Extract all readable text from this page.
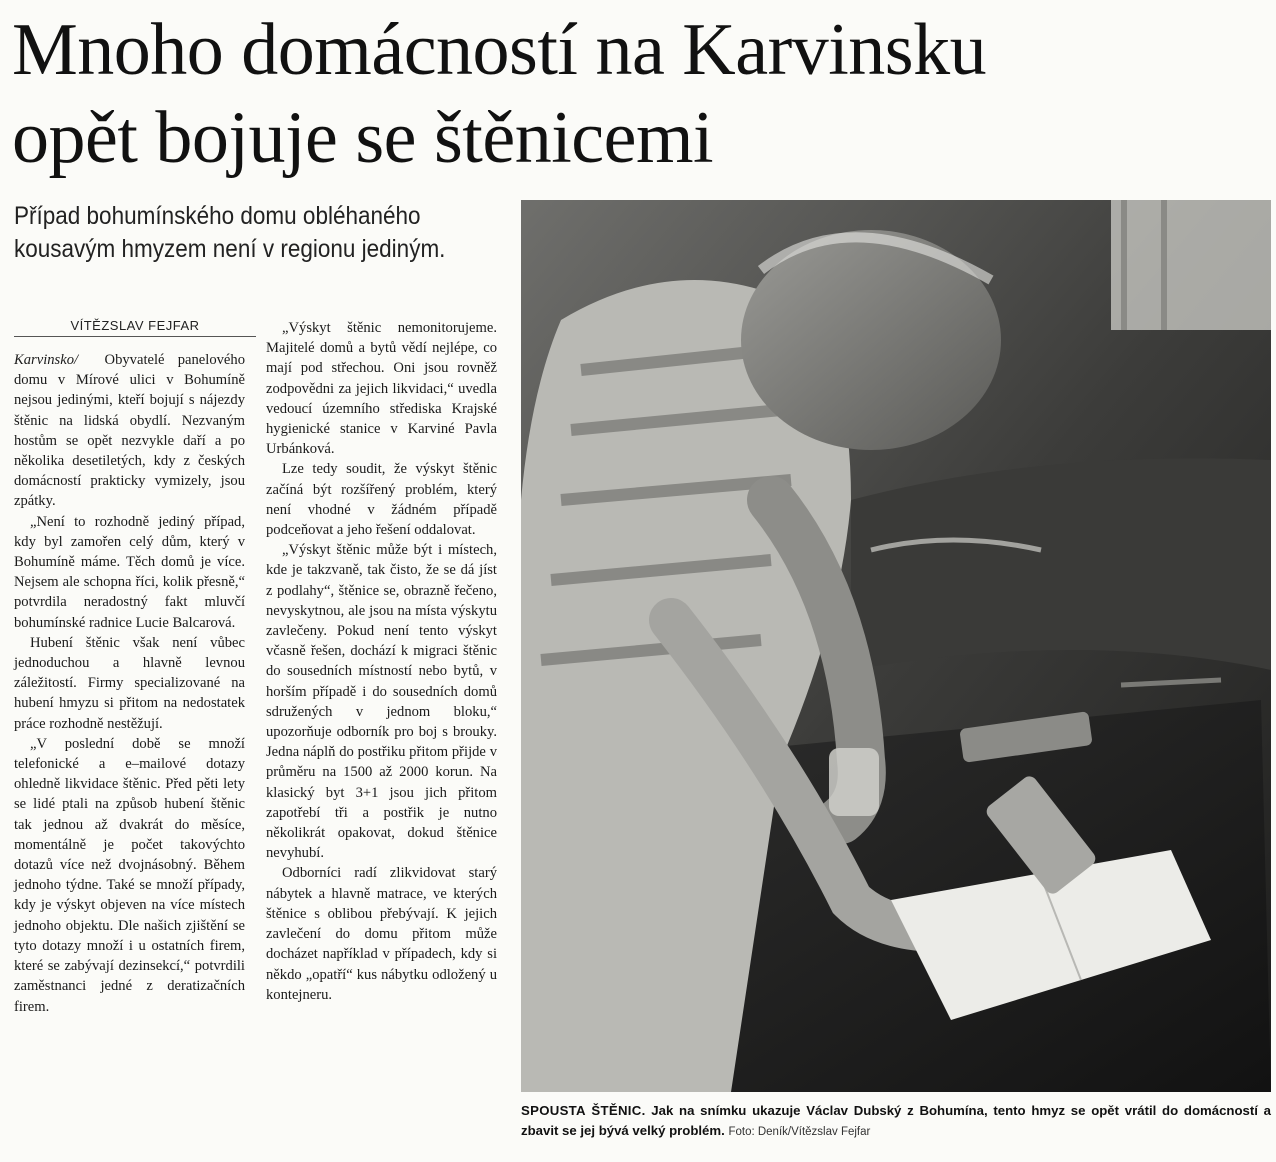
Mnoho domácností na Karvinsku
opět bojuje se štěnicemi

Případ bohumínského domu obléhaného kousavým hmyzem není v regionu jediným.

VÍTĚZSLAV FEJFAR

Karvinsko/ Obyvatelé panelového domu v Mírové ulici v Bohumíně nejsou jedinými, kteří bojují s nájezdy štěnic na lidská obydlí. Nezvaným hostům se opět nezvykle daří a po několika desetiletých, kdy z českých domácností prakticky vymizely, jsou zpátky.

„Není to rozhodně jediný případ, kdy byl zamořen celý dům, který v Bohumíně máme. Těch domů je více. Nejsem ale schopna říci, kolik přesně,“ potvrdila neradostný fakt mluvčí bohumínské radnice Lucie Balcarová.

Hubení štěnic však není vůbec jednoduchou a hlavně levnou záležitostí. Firmy specializované na hubení hmyzu si přitom na nedostatek práce rozhodně nestěžují.

„V poslední době se množí telefonické a e–mailové dotazy ohledně likvidace štěnic. Před pěti lety se lidé ptali na způsob hubení štěnic tak jednou až dvakrát do měsíce, momentálně je počet takovýchto dotazů více než dvojnásobný. Během jednoho týdne. Také se množí případy, kdy je výskyt objeven na více místech jednoho objektu. Dle našich zjištění se tyto dotazy množí i u ostatních firem, které se zabývají dezinsekcí,“ potvrdili zaměstnanci jedné z deratizačních firem.

„Výskyt štěnic nemonitorujeme. Majitelé domů a bytů vědí nejlépe, co mají pod střechou. Oni jsou rovněž zodpovědni za jejich likvidaci,“ uvedla vedoucí územního střediska Krajské hygienické stanice v Karviné Pavla Urbánková.

Lze tedy soudit, že výskyt štěnic začíná být rozšířený problém, který není vhodné v žádném případě podceňovat a jeho řešení oddalovat.

„Výskyt štěnic může být i místech, kde je takzvaně, tak čisto, že se dá jíst z podlahy“, štěnice se, obrazně řečeno, nevyskytnou, ale jsou na místa výskytu zavlečeny. Pokud není tento výskyt včasně řešen, dochází k migraci štěnic do sousedních místností nebo bytů, v horším případě i do sousedních domů sdružených v jednom bloku,“ upozorňuje odborník pro boj s brouky. Jedna náplň do postřiku přitom přijde v průměru na 1500 až 2000 korun. Na klasický byt 3+1 jsou jich přitom zapotřebí tři a postřik je nutno několikrát opakovat, dokud štěnice nevyhubí.

Odborníci radí zlikvidovat starý nábytek a hlavně matrace, ve kterých štěnice s oblibou přebývají. K jejich zavlečení do domu přitom může docházet například v případech, kdy si někdo „opatří“ kus nábytku odložený u kontejneru.

SPOUSTA ŠTĚNIC. Jak na snímku ukazuje Václav Dubský z Bohumína, tento hmyz se opět vrátil do domácností a zbavit se jej bývá velký problém. Foto: Deník/Vítězslav Fejfar
